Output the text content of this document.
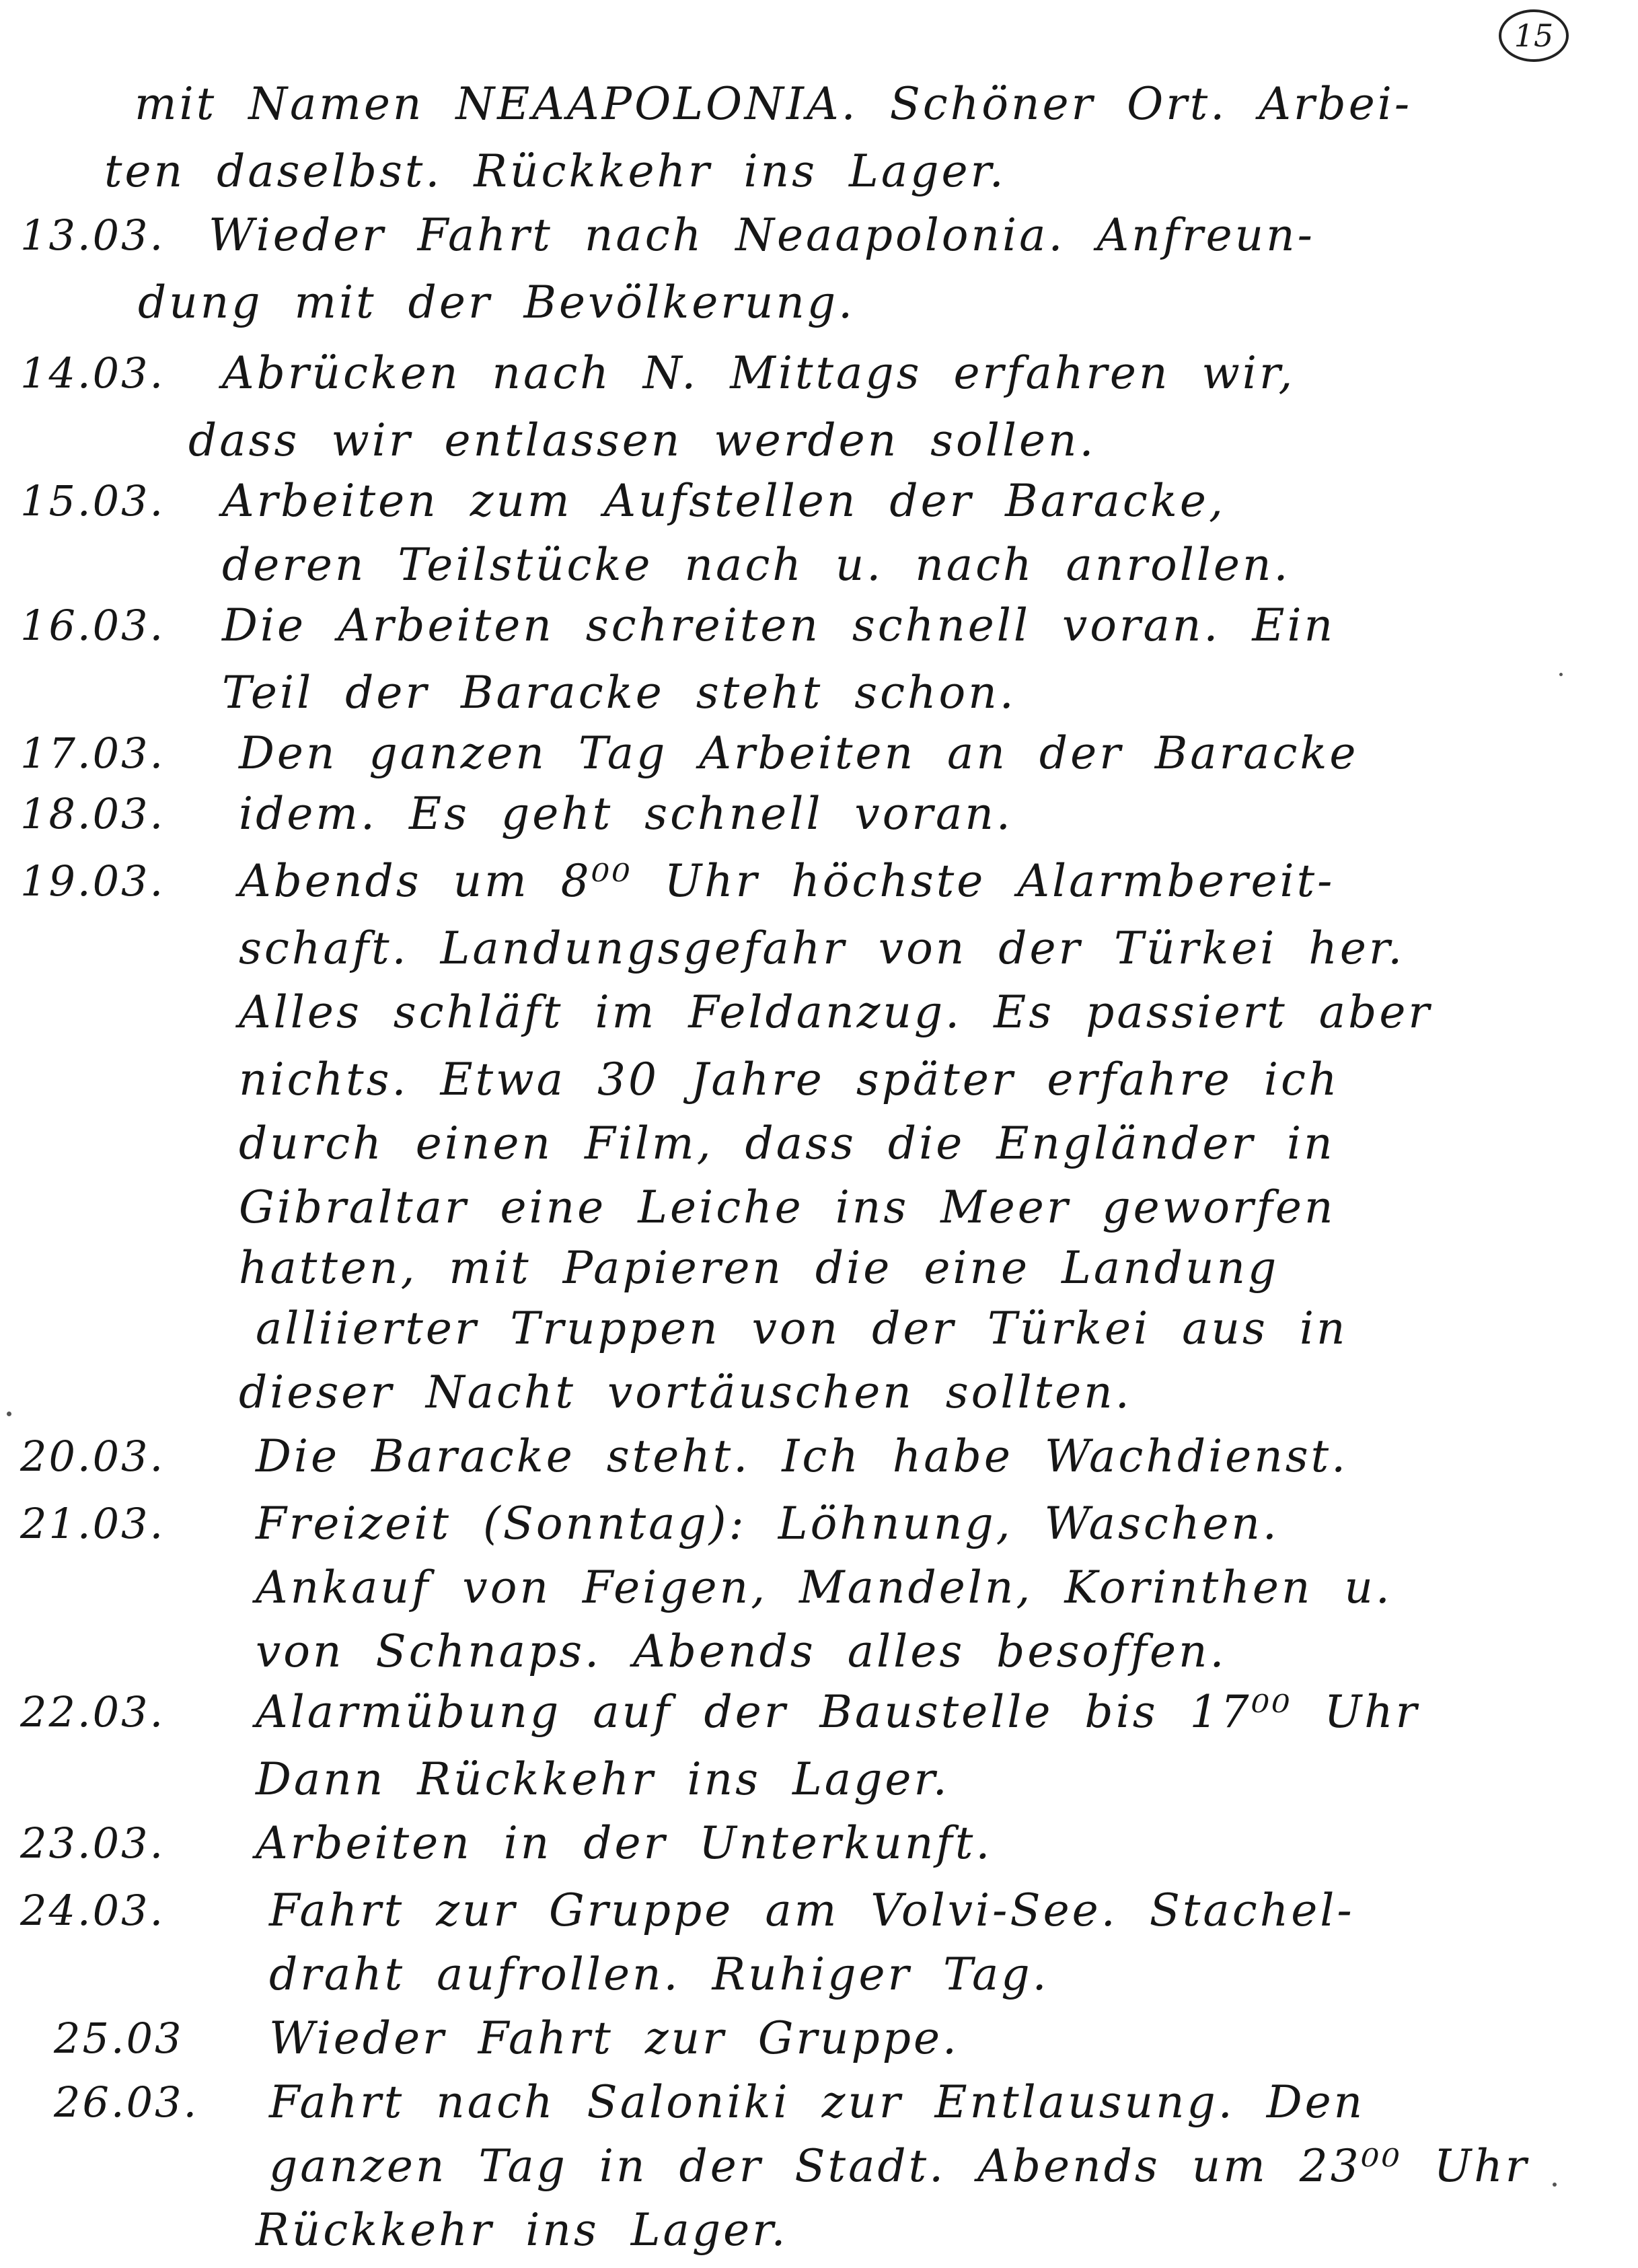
15
mit Namen NEAAPOLONIA. Schöner Ort. Arbei-
ten daselbst. Rückkehr ins Lager.
13.03. Wieder Fahrt nach Neaapolonia. Anfreun-
dung mit der Bevölkerung.
14.03.	Abrücken nach N. Mittags erfahren wir,
dass wir entlassen werden sollen.
15.03.	Arbeiten zum Aufstellen der Baracke,
deren Teilstücke nach u. nach anrollen.
16.03.	Die Arbeiten schreiten schnell voran. Ein
Teil der Baracke steht schon.
17.03.	Den ganzen Tag Arbeiten an der Baracke
18.03.	idem. Es geht schnell voran.
19.03.	Abends um 8⁰⁰ Uhr höchste Alarmbereit-
schaft. Landungsgefahr von der Türkei her.
Alles schläft im Feldanzug. Es passiert aber
nichts. Etwa 30 Jahre später erfahre ich
durch einen Film, dass die Engländer in
Gibraltar eine Leiche ins Meer geworfen
hatten, mit Papieren die eine Landung
alliierter Truppen von der Türkei aus in
dieser Nacht vortäuschen sollten.
20.03.	Die Baracke steht. Ich habe Wachdienst.
21.03.	Freizeit (Sonntag): Löhnung, Waschen.
Ankauf von Feigen, Mandeln, Korinthen u.
von Schnaps. Abends alles besoffen.
22.03.	Alarmübung auf der Baustelle bis 17⁰⁰ Uhr
Dann Rückkehr ins Lager.
23.03.	Arbeiten in der Unterkunft.
24.03.	Fahrt zur Gruppe am Volvi-See. Stachel-
draht aufrollen. Ruhiger Tag.
25.03	Wieder Fahrt zur Gruppe.
26.03.	Fahrt nach Saloniki zur Entlausung. Den
ganzen Tag in der Stadt. Abends um 23⁰⁰ Uhr
Rückkehr ins Lager.
